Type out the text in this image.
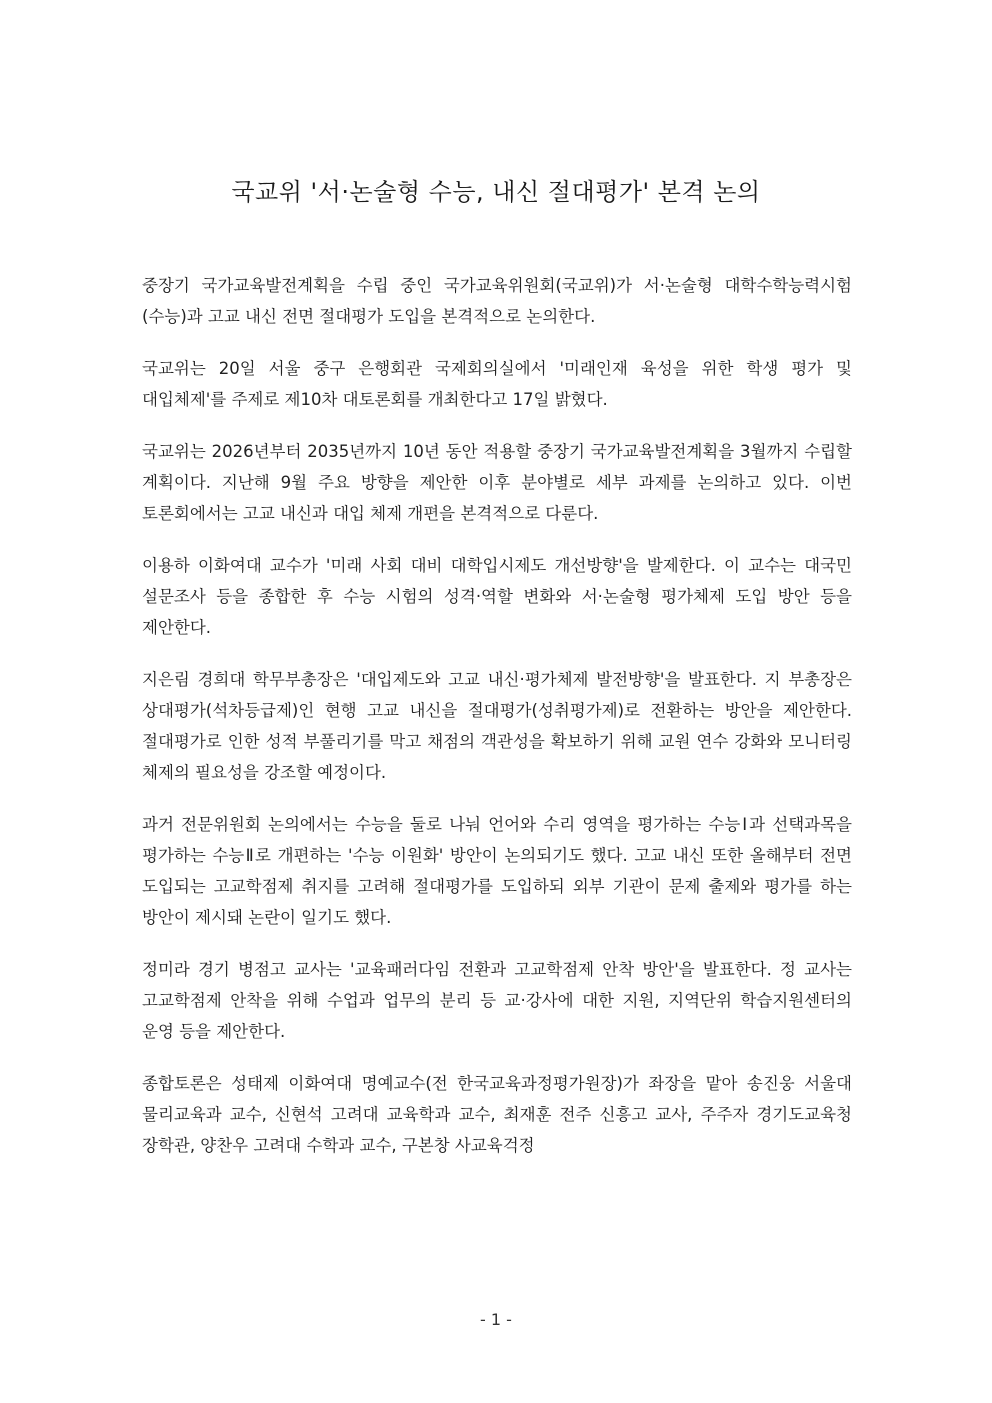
국교위 '서·논술형 수능, 내신 절대평가' 본격 논의

중장기 국가교육발전계획을 수립 중인 국가교육위원회(국교위)가 서·논술형 대학수학능력시험(수능)과 고교 내신 전면 절대평가 도입을 본격적으로 논의한다.

국교위는 20일 서울 중구 은행회관 국제회의실에서 '미래인재 육성을 위한 학생 평가 및 대입체제'를 주제로 제10차 대토론회를 개최한다고 17일 밝혔다.

국교위는 2026년부터 2035년까지 10년 동안 적용할 중장기 국가교육발전계획을 3월까지 수립할 계획이다. 지난해 9월 주요 방향을 제안한 이후 분야별로 세부 과제를 논의하고 있다. 이번 토론회에서는 고교 내신과 대입 체제 개편을 본격적으로 다룬다.

이용하 이화여대 교수가 '미래 사회 대비 대학입시제도 개선방향'을 발제한다. 이 교수는 대국민 설문조사 등을 종합한 후 수능 시험의 성격·역할 변화와 서·논술형 평가체제 도입 방안 등을 제안한다.

지은림 경희대 학무부총장은 '대입제도와 고교 내신·평가체제 발전방향'을 발표한다. 지 부총장은 상대평가(석차등급제)인 현행 고교 내신을 절대평가(성취평가제)로 전환하는 방안을 제안한다. 절대평가로 인한 성적 부풀리기를 막고 채점의 객관성을 확보하기 위해 교원 연수 강화와 모니터링 체제의 필요성을 강조할 예정이다.

과거 전문위원회 논의에서는 수능을 둘로 나눠 언어와 수리 영역을 평가하는 수능Ⅰ과 선택과목을 평가하는 수능Ⅱ로 개편하는 '수능 이원화' 방안이 논의되기도 했다. 고교 내신 또한 올해부터 전면 도입되는 고교학점제 취지를 고려해 절대평가를 도입하되 외부 기관이 문제 출제와 평가를 하는 방안이 제시돼 논란이 일기도 했다.

정미라 경기 병점고 교사는 '교육패러다임 전환과 고교학점제 안착 방안'을 발표한다. 정 교사는 고교학점제 안착을 위해 수업과 업무의 분리 등 교·강사에 대한 지원, 지역단위 학습지원센터의 운영 등을 제안한다.

종합토론은 성태제 이화여대 명예교수(전 한국교육과정평가원장)가 좌장을 맡아 송진웅 서울대 물리교육과 교수, 신현석 고려대 교육학과 교수, 최재훈 전주 신흥고 교사, 주주자 경기도교육청 장학관, 양찬우 고려대 수학과 교수, 구본창 사교육걱정

- 1 -
